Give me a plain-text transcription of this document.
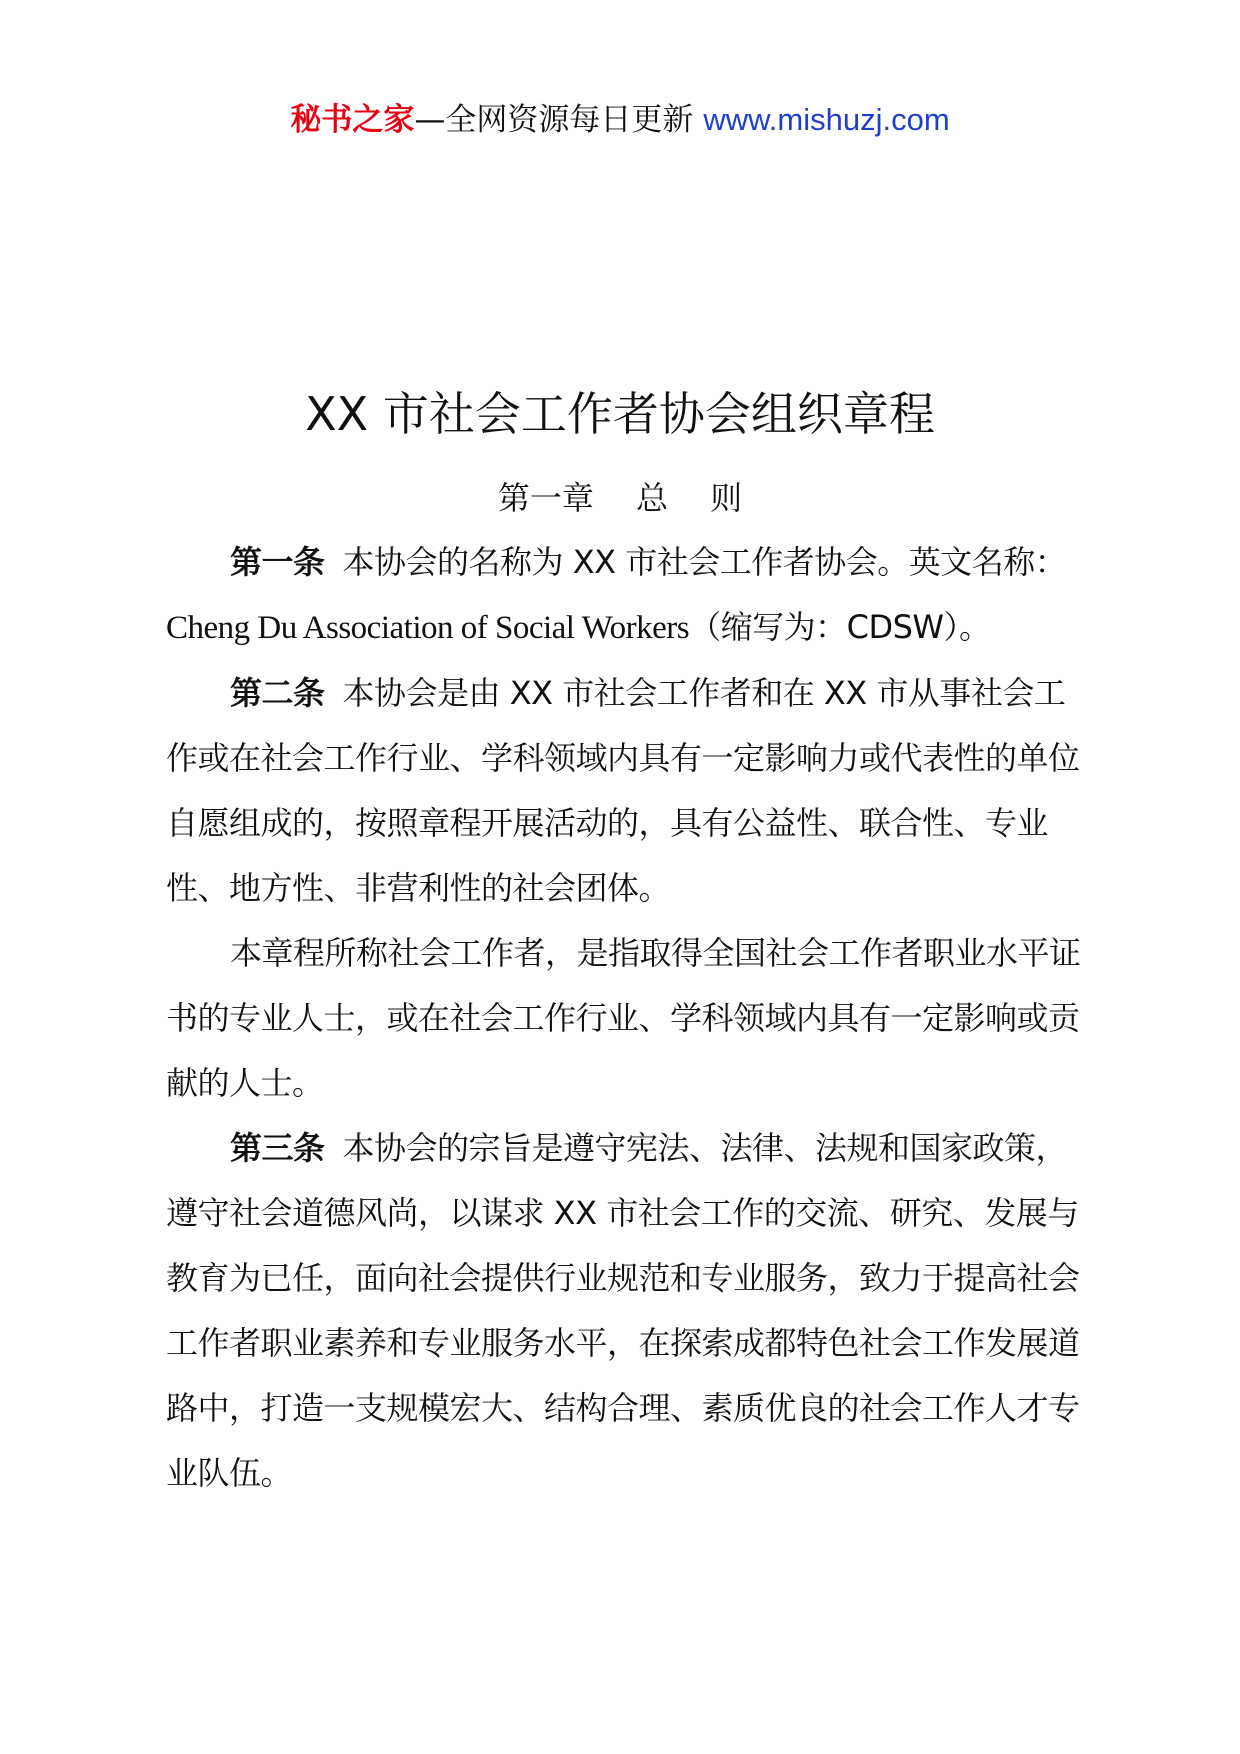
秘书之家—全网资源每日更新 www.mishuzj.com
XX 市社会工作者协会组织章程
第一章　 总　 则

第一条 本协会的名称为 XX 市社会工作者协会。英文名称：Cheng Du Association of Social Workers（缩写为：CDSW）。

第二条 本协会是由 XX 市社会工作者和在 XX 市从事社会工作或在社会工作行业、学科领域内具有一定影响力或代表性的单位自愿组成的，按照章程开展活动的，具有公益性、联合性、专业性、地方性、非营利性的社会团体。

本章程所称社会工作者，是指取得全国社会工作者职业水平证书的专业人士，或在社会工作行业、学科领域内具有一定影响或贡献的人士。

第三条 本协会的宗旨是遵守宪法、法律、法规和国家政策，遵守社会道德风尚，以谋求 XX 市社会工作的交流、研究、发展与教育为已任，面向社会提供行业规范和专业服务，致力于提高社会工作者职业素养和专业服务水平，在探索成都特色社会工作发展道路中，打造一支规模宏大、结构合理、素质优良的社会工作人才专业队伍。
